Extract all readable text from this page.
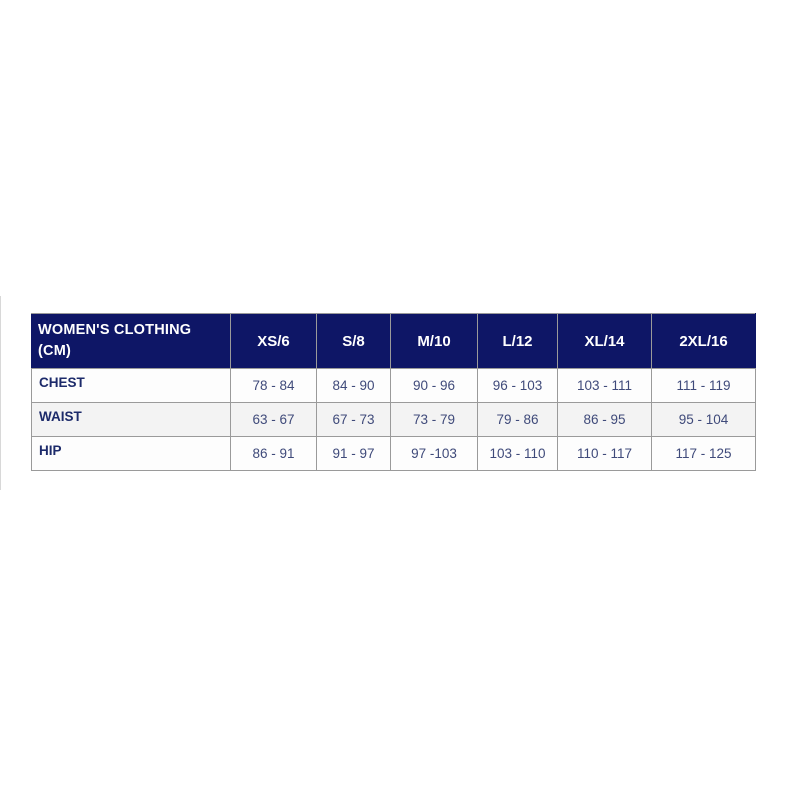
WOMEN'S CLOTHING (CM)	XS/6	S/8	M/10	L/12	XL/14	2XL/16
CHEST	78 - 84	84 - 90	90 - 96	96 - 103	103 - 111	111 - 119
WAIST	63 - 67	67 - 73	73 - 79	79 - 86	86 - 95	95 - 104
HIP	86 - 91	91 - 97	97 -103	103 - 110	110 - 117	117 - 125
